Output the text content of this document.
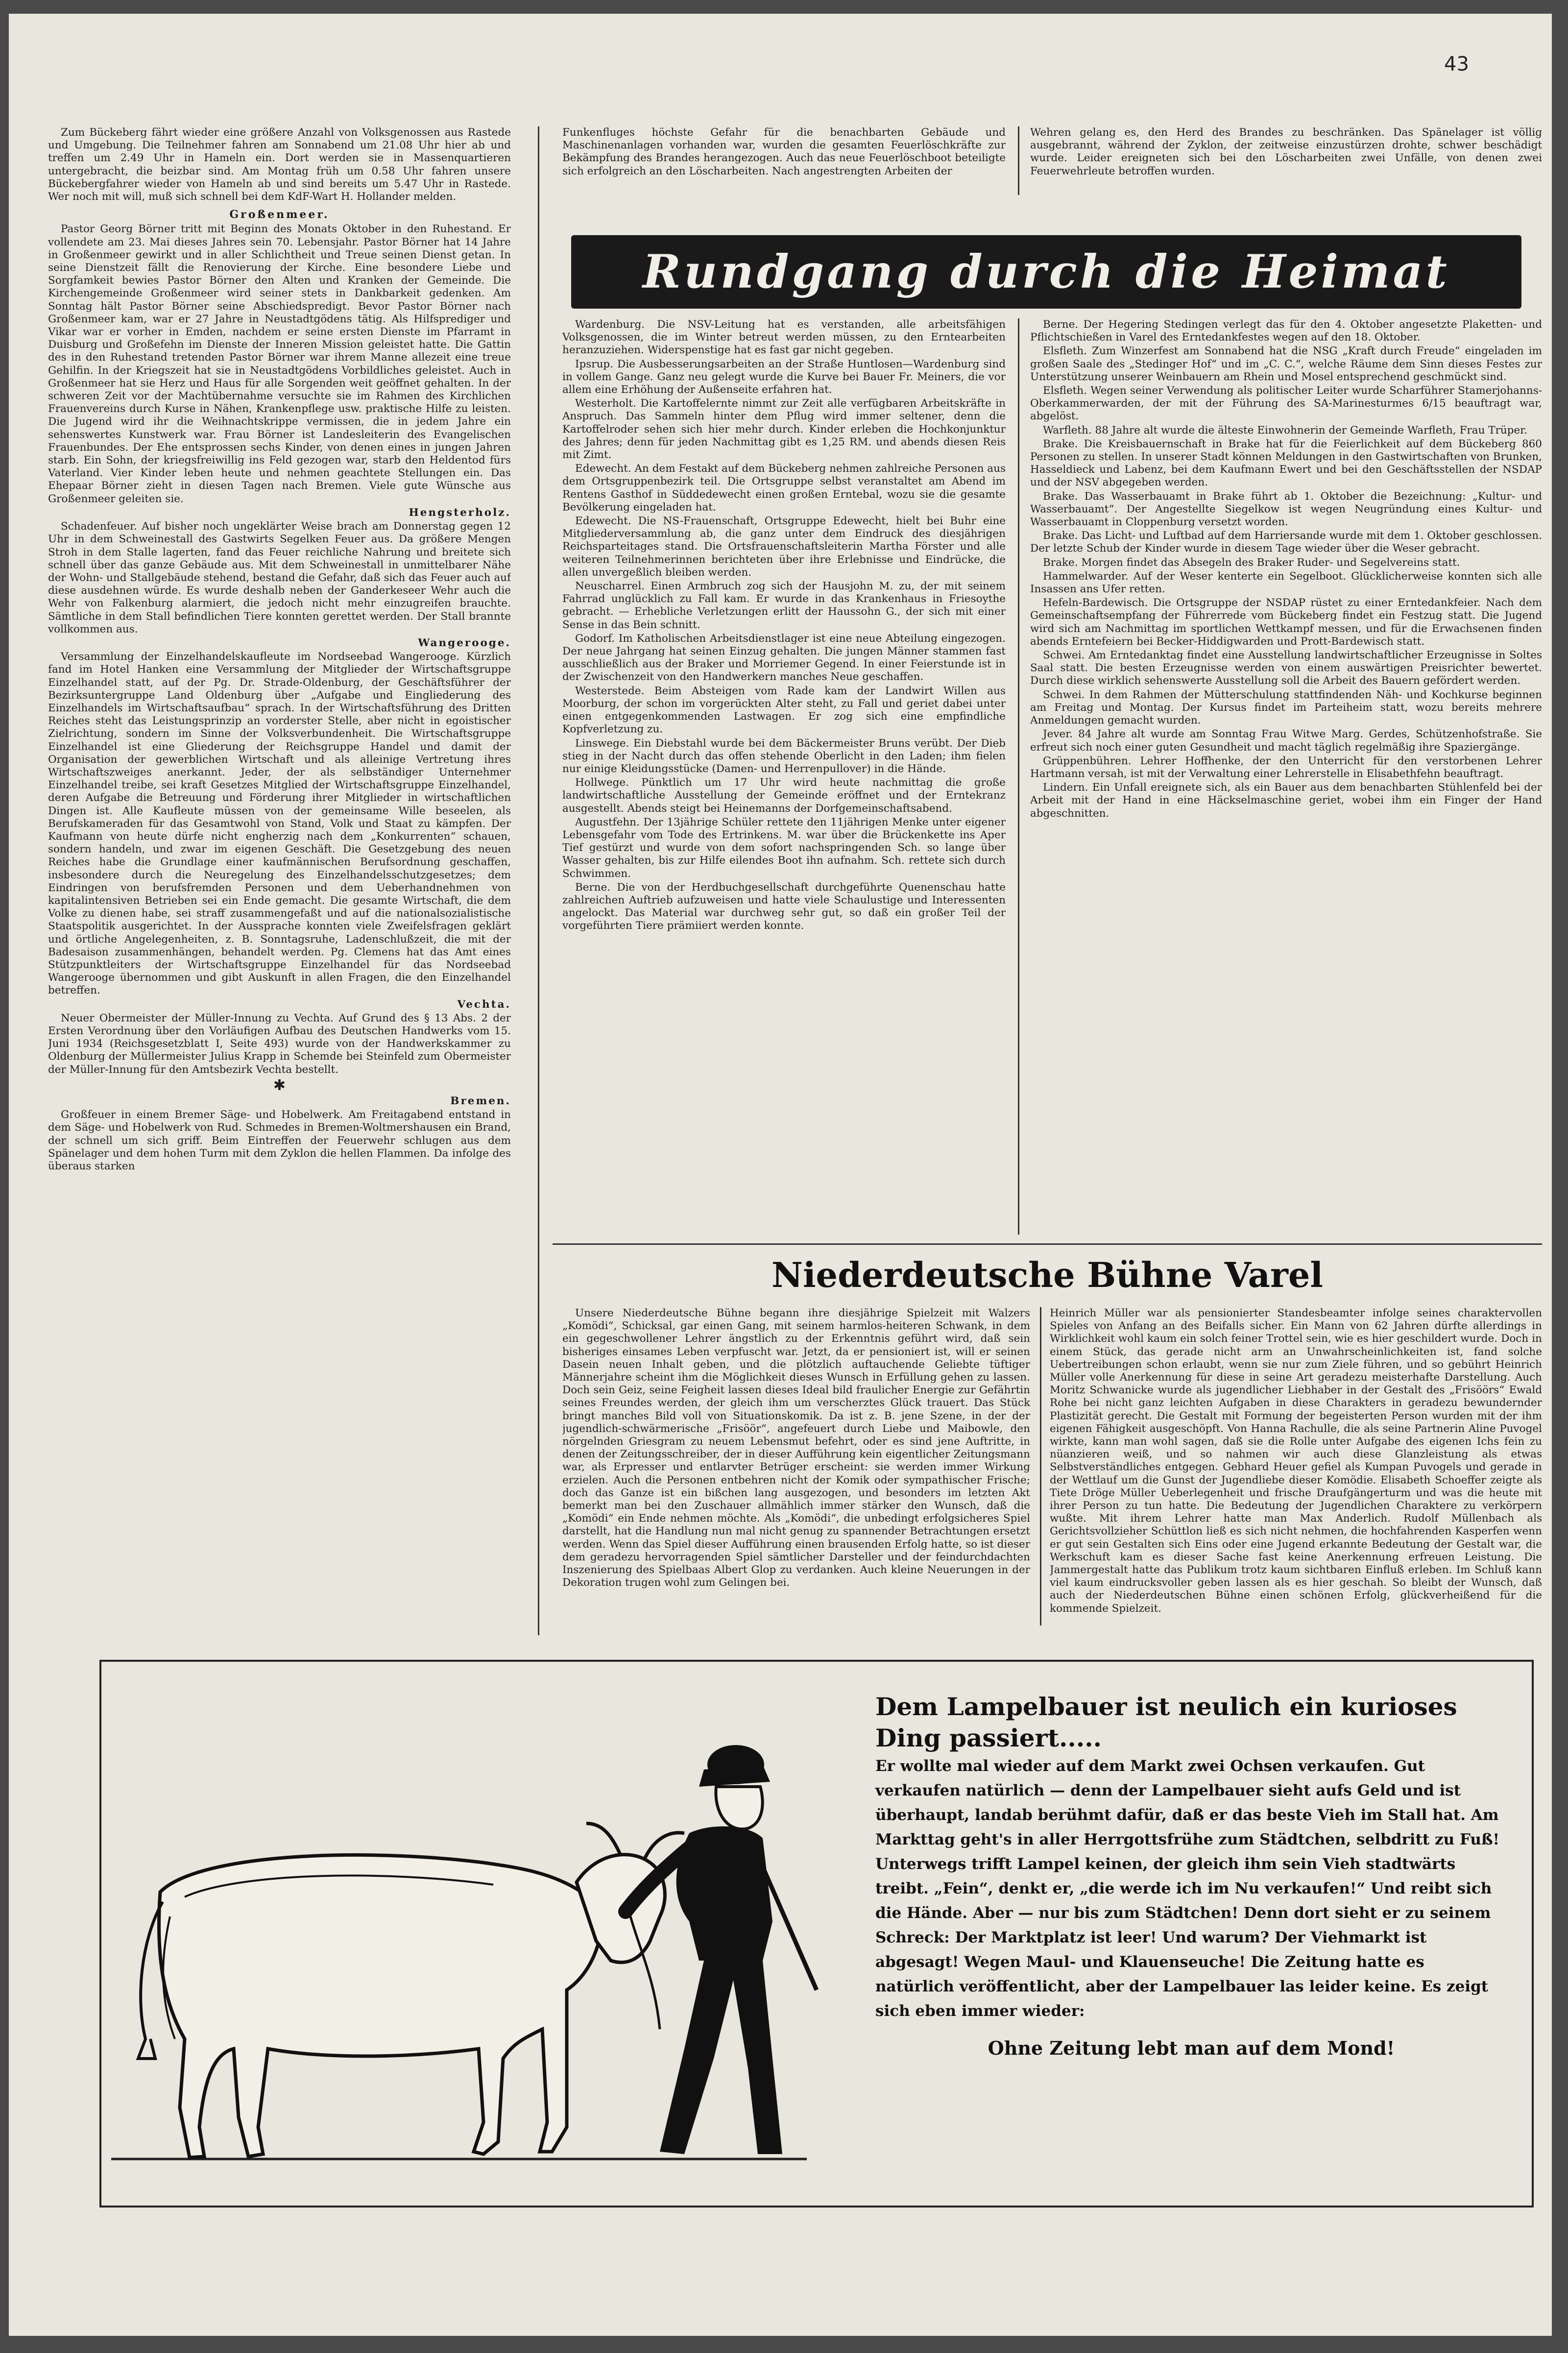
43

Zum Bückeberg fährt wieder eine größere Anzahl von Volksgenossen aus Rastede und Umgebung. Die Teilnehmer fahren am Sonnabend um 21.08 Uhr hier ab und treffen um 2.49 Uhr in Hameln ein. Dort werden sie in Massenquartieren untergebracht, die beizbar sind. Am Montag früh um 0.58 Uhr fahren unsere Bückebergfahrer wieder von Hameln ab und sind bereits um 5.47 Uhr in Rastede. Wer noch mit will, muß sich schnell bei dem KdF-Wart H. Hollander melden.

Großenmeer.

Pastor Georg Börner tritt mit Beginn des Monats Oktober in den Ruhestand. Er vollendete am 23. Mai dieses Jahres sein 70. Lebensjahr. Pastor Börner hat 14 Jahre in Großenmeer gewirkt und in aller Schlichtheit und Treue seinen Dienst getan. In seine Dienstzeit fällt die Renovierung der Kirche. Eine besondere Liebe und Sorgfamkeit bewies Pastor Börner den Alten und Kranken der Gemeinde. Die Kirchengemeinde Großenmeer wird seiner stets in Dankbarkeit gedenken. Am Sonntag hält Pastor Börner seine Abschiedspredigt. Bevor Pastor Börner nach Großenmeer kam, war er 27 Jahre in Neustadtgödens tätig. Als Hilfsprediger und Vikar war er vorher in Emden, nachdem er seine ersten Dienste im Pfarramt in Duisburg und Großefehn im Dienste der Inneren Mission geleistet hatte. Die Gattin des in den Ruhestand tretenden Pastor Börner war ihrem Manne allezeit eine treue Gehilfin. In der Kriegszeit hat sie in Neustadtgödens Vorbildliches geleistet. Auch in Großenmeer hat sie Herz und Haus für alle Sorgenden weit geöffnet gehalten. In der schweren Zeit vor der Machtübernahme versuchte sie im Rahmen des Kirchlichen Frauenvereins durch Kurse in Nähen, Krankenpflege usw. praktische Hilfe zu leisten. Die Jugend wird ihr die Weihnachtskrippe vermissen, die in jedem Jahre ein sehenswertes Kunstwerk war. Frau Börner ist Landesleiterin des Evangelischen Frauenbundes. Der Ehe entsprossen sechs Kinder, von denen eines in jungen Jahren starb. Ein Sohn, der kriegsfreiwillig ins Feld gezogen war, starb den Heldentod fürs Vaterland. Vier Kinder leben heute und nehmen geachtete Stellungen ein. Das Ehepaar Börner zieht in diesen Tagen nach Bremen. Viele gute Wünsche aus Großenmeer geleiten sie.

Hengsterholz.

Schadenfeuer. Auf bisher noch ungeklärter Weise brach am Donnerstag gegen 12 Uhr in dem Schweinestall des Gastwirts Segelken Feuer aus. Da größere Mengen Stroh in dem Stalle lagerten, fand das Feuer reichliche Nahrung und breitete sich schnell über das ganze Gebäude aus. Mit dem Schweinestall in unmittelbarer Nähe der Wohn- und Stallgebäude stehend, bestand die Gefahr, daß sich das Feuer auch auf diese ausdehnen würde. Es wurde deshalb neben der Ganderkeseer Wehr auch die Wehr von Falkenburg alarmiert, die jedoch nicht mehr einzugreifen brauchte. Sämtliche in dem Stall befindlichen Tiere konnten gerettet werden. Der Stall brannte vollkommen aus.

Wangerooge.

Versammlung der Einzelhandelskaufleute im Nordseebad Wangerooge. Kürzlich fand im Hotel Hanken eine Versammlung der Mitglieder der Wirtschaftsgruppe Einzelhandel statt, auf der Pg. Dr. Strade-Oldenburg, der Geschäftsführer der Bezirksuntergruppe Land Oldenburg über „Aufgabe und Eingliederung des Einzelhandels im Wirtschaftsaufbau“ sprach. In der Wirtschaftsführung des Dritten Reiches steht das Leistungsprinzip an vorderster Stelle, aber nicht in egoistischer Zielrichtung, sondern im Sinne der Volksverbundenheit. Die Wirtschaftsgruppe Einzelhandel ist eine Gliederung der Reichsgruppe Handel und damit der Organisation der gewerblichen Wirtschaft und als alleinige Vertretung ihres Wirtschaftszweiges anerkannt. Jeder, der als selbständiger Unternehmer Einzelhandel treibe, sei kraft Gesetzes Mitglied der Wirtschaftsgruppe Einzelhandel, deren Aufgabe die Betreuung und Förderung ihrer Mitglieder in wirtschaftlichen Dingen ist. Alle Kaufleute müssen von der gemeinsame Wille beseelen, als Berufskameraden für das Gesamtwohl von Stand, Volk und Staat zu kämpfen. Der Kaufmann von heute dürfe nicht engherzig nach dem „Konkurrenten“ schauen, sondern handeln, und zwar im eigenen Geschäft. Die Gesetzgebung des neuen Reiches habe die Grundlage einer kaufmännischen Berufsordnung geschaffen, insbesondere durch die Neuregelung des Einzelhandelsschutzgesetzes; dem Eindringen von berufsfremden Personen und dem Ueberhandnehmen von kapitalintensiven Betrieben sei ein Ende gemacht. Die gesamte Wirtschaft, die dem Volke zu dienen habe, sei straff zusammengefaßt und auf die nationalsozialistische Staatspolitik ausgerichtet. In der Aussprache konnten viele Zweifelsfragen geklärt und örtliche Angelegenheiten, z. B. Sonntagsruhe, Ladenschlußzeit, die mit der Badesaison zusammenhängen, behandelt werden. Pg. Clemens hat das Amt eines Stützpunktleiters der Wirtschaftsgruppe Einzelhandel für das Nordseebad Wangerooge übernommen und gibt Auskunft in allen Fragen, die den Einzelhandel betreffen.

Vechta.

Neuer Obermeister der Müller-Innung zu Vechta. Auf Grund des § 13 Abs. 2 der Ersten Verordnung über den Vorläufigen Aufbau des Deutschen Handwerks vom 15. Juni 1934 (Reichsgesetzblatt I, Seite 493) wurde von der Handwerkskammer zu Oldenburg der Müllermeister Julius Krapp in Schemde bei Steinfeld zum Obermeister der Müller-Innung für den Amtsbezirk Vechta bestellt.

✱

Bremen.

Großfeuer in einem Bremer Säge- und Hobelwerk. Am Freitagabend entstand in dem Säge- und Hobelwerk von Rud. Schmedes in Bremen-Woltmershausen ein Brand, der schnell um sich griff. Beim Eintreffen der Feuerwehr schlugen aus dem Spänelager und dem hohen Turm mit dem Zyklon die hellen Flammen. Da infolge des überaus starken

Funkenfluges höchste Gefahr für die benachbarten Gebäude und Maschinenanlagen vorhanden war, wurden die gesamten Feuerlöschkräfte zur Bekämpfung des Brandes herangezogen. Auch das neue Feuerlöschboot beteiligte sich erfolgreich an den Löscharbeiten. Nach angestrengten Arbeiten der

Wehren gelang es, den Herd des Brandes zu beschränken. Das Spänelager ist völlig ausgebrannt, während der Zyklon, der zeitweise einzustürzen drohte, schwer beschädigt wurde. Leider ereigneten sich bei den Löscharbeiten zwei Unfälle, von denen zwei Feuerwehrleute betroffen wurden.

Rundgang durch die Heimat

Wardenburg. Die NSV-Leitung hat es verstanden, alle arbeitsfähigen Volksgenossen, die im Winter betreut werden müssen, zu den Erntearbeiten heranzuziehen. Widerspenstige hat es fast gar nicht gegeben.

Ipsrup. Die Ausbesserungsarbeiten an der Straße Huntlosen—Wardenburg sind in vollem Gange. Ganz neu gelegt wurde die Kurve bei Bauer Fr. Meiners, die vor allem eine Erhöhung der Außenseite erfahren hat.

Westerholt. Die Kartoffelernte nimmt zur Zeit alle verfügbaren Arbeitskräfte in Anspruch. Das Sammeln hinter dem Pflug wird immer seltener, denn die Kartoffelroder sehen sich hier mehr durch. Kinder erleben die Hochkonjunktur des Jahres; denn für jeden Nachmittag gibt es 1,25 RM. und abends diesen Reis mit Zimt.

Edewecht. An dem Festakt auf dem Bückeberg nehmen zahlreiche Personen aus dem Ortsgruppenbezirk teil. Die Ortsgruppe selbst veranstaltet am Abend im Rentens Gasthof in Süddedewecht einen großen Erntebal, wozu sie die gesamte Bevölkerung eingeladen hat.

Edewecht. Die NS-Frauenschaft, Ortsgruppe Edewecht, hielt bei Buhr eine Mitgliederversammlung ab, die ganz unter dem Eindruck des diesjährigen Reichsparteitages stand. Die Ortsfrauenschaftsleiterin Martha Förster und alle weiteren Teilnehmerinnen berichteten über ihre Erlebnisse und Eindrücke, die allen unvergeßlich bleiben werden.

Neuscharrel. Einen Armbruch zog sich der Hausjohn M. zu, der mit seinem Fahrrad unglücklich zu Fall kam. Er wurde in das Krankenhaus in Friesoythe gebracht. — Erhebliche Verletzungen erlitt der Haussohn G., der sich mit einer Sense in das Bein schnitt.

Godorf. Im Katholischen Arbeitsdienstlager ist eine neue Abteilung eingezogen. Der neue Jahrgang hat seinen Einzug gehalten. Die jungen Männer stammen fast ausschließlich aus der Braker und Morriemer Gegend. In einer Feierstunde ist in der Zwischenzeit von den Handwerkern manches Neue geschaffen.

Westerstede. Beim Absteigen vom Rade kam der Landwirt Willen aus Moorburg, der schon im vorgerückten Alter steht, zu Fall und geriet dabei unter einen entgegenkommenden Lastwagen. Er zog sich eine empfindliche Kopfverletzung zu.

Linswege. Ein Diebstahl wurde bei dem Bäckermeister Bruns verübt. Der Dieb stieg in der Nacht durch das offen stehende Oberlicht in den Laden; ihm fielen nur einige Kleidungsstücke (Damen- und Herrenpullover) in die Hände.

Hollwege. Pünktlich um 17 Uhr wird heute nachmittag die große landwirtschaftliche Ausstellung der Gemeinde eröffnet und der Erntekranz ausgestellt. Abends steigt bei Heinemanns der Dorfgemeinschaftsabend.

Augustfehn. Der 13jährige Schüler rettete den 11jährigen Menke unter eigener Lebensgefahr vom Tode des Ertrinkens. M. war über die Brückenkette ins Aper Tief gestürzt und wurde von dem sofort nachspringenden Sch. so lange über Wasser gehalten, bis zur Hilfe eilendes Boot ihn aufnahm. Sch. rettete sich durch Schwimmen.

Berne. Die von der Herdbuchgesellschaft durchgeführte Quenenschau hatte zahlreichen Auftrieb aufzuweisen und hatte viele Schaulustige und Interessenten angelockt. Das Material war durchweg sehr gut, so daß ein großer Teil der vorgeführten Tiere prämiiert werden konnte.

Berne. Der Hegering Stedingen verlegt das für den 4. Oktober angesetzte Plaketten- und Pflichtschießen in Varel des Erntedankfestes wegen auf den 18. Oktober.

Elsfleth. Zum Winzerfest am Sonnabend hat die NSG „Kraft durch Freude“ eingeladen im großen Saale des „Stedinger Hof“ und im „C. C.“, welche Räume dem Sinn dieses Festes zur Unterstützung unserer Weinbauern am Rhein und Mosel entsprechend geschmückt sind.

Elsfleth. Wegen seiner Verwendung als politischer Leiter wurde Scharführer Stamerjohanns-Oberkammerwarden, der mit der Führung des SA-Marinesturmes 6/15 beauftragt war, abgelöst.

Warfleth. 88 Jahre alt wurde die älteste Einwohnerin der Gemeinde Warfleth, Frau Trüper.

Brake. Die Kreisbauernschaft in Brake hat für die Feierlichkeit auf dem Bückeberg 860 Personen zu stellen. In unserer Stadt können Meldungen in den Gastwirtschaften von Brunken, Hasseldieck und Labenz, bei dem Kaufmann Ewert und bei den Geschäftsstellen der NSDAP und der NSV abgegeben werden.

Brake. Das Wasserbauamt in Brake führt ab 1. Oktober die Bezeichnung: „Kultur- und Wasserbauamt“. Der Angestellte Siegelkow ist wegen Neugründung eines Kultur- und Wasserbauamt in Cloppenburg versetzt worden.

Brake. Das Licht- und Luftbad auf dem Harriersande wurde mit dem 1. Oktober geschlossen. Der letzte Schub der Kinder wurde in diesem Tage wieder über die Weser gebracht.

Brake. Morgen findet das Absegeln des Braker Ruder- und Segelvereins statt.

Hammelwarder. Auf der Weser kenterte ein Segelboot. Glücklicherweise konnten sich alle Insassen ans Ufer retten.

Hefeln-Bardewisch. Die Ortsgruppe der NSDAP rüstet zu einer Erntedankfeier. Nach dem Gemeinschaftsempfang der Führerrede vom Bückeberg findet ein Festzug statt. Die Jugend wird sich am Nachmittag im sportlichen Wettkampf messen, und für die Erwachsenen finden abends Erntefeiern bei Becker-Hiddigwarden und Prott-Bardewisch statt.

Schwei. Am Erntedanktag findet eine Ausstellung landwirtschaftlicher Erzeugnisse in Soltes Saal statt. Die besten Erzeugnisse werden von einem auswärtigen Preisrichter bewertet. Durch diese wirklich sehenswerte Ausstellung soll die Arbeit des Bauern gefördert werden.

Schwei. In dem Rahmen der Mütterschulung stattfindenden Näh- und Kochkurse beginnen am Freitag und Montag. Der Kursus findet im Parteiheim statt, wozu bereits mehrere Anmeldungen gemacht wurden.

Jever. 84 Jahre alt wurde am Sonntag Frau Witwe Marg. Gerdes, Schützenhofstraße. Sie erfreut sich noch einer guten Gesundheit und macht täglich regelmäßig ihre Spaziergänge.

Grüppenbühren. Lehrer Hoffhenke, der den Unterricht für den verstorbenen Lehrer Hartmann versah, ist mit der Verwaltung einer Lehrerstelle in Elisabethfehn beauftragt.

Lindern. Ein Unfall ereignete sich, als ein Bauer aus dem benachbarten Stühlenfeld bei der Arbeit mit der Hand in eine Häckselmaschine geriet, wobei ihm ein Finger der Hand abgeschnitten.

Niederdeutsche Bühne Varel

Unsere Niederdeutsche Bühne begann ihre diesjährige Spielzeit mit Walzers „Komödi“, Schicksal, gar einen Gang, mit seinem harmlos-heiteren Schwank, in dem ein gegeschwollener Lehrer ängstlich zu der Erkenntnis geführt wird, daß sein bisheriges einsames Leben verpfuscht war. Jetzt, da er pensioniert ist, will er seinen Dasein neuen Inhalt geben, und die plötzlich auftauchende Geliebte tüftiger Männerjahre scheint ihm die Möglichkeit dieses Wunsch in Erfüllung gehen zu lassen. Doch sein Geiz, seine Feigheit lassen dieses Ideal bild fraulicher Energie zur Gefährtin seines Freundes werden, der gleich ihm um verscherztes Glück trauert. Das Stück bringt manches Bild voll von Situationskomik. Da ist z. B. jene Szene, in der der jugendlich-schwärmerische „Frisöör“, angefeuert durch Liebe und Maibowle, den nörgelnden Griesgram zu neuem Lebensmut befehrt, oder es sind jene Auftritte, in denen der Zeitungsschreiber, der in dieser Aufführung kein eigentlicher Zeitungsmann war, als Erpresser und entlarvter Betrüger erscheint: sie werden immer Wirkung erzielen. Auch die Personen entbehren nicht der Komik oder sympathischer Frische; doch das Ganze ist ein bißchen lang ausgezogen, und besonders im letzten Akt bemerkt man bei den Zuschauer allmählich immer stärker den Wunsch, daß die „Komödi“ ein Ende nehmen möchte. Als „Komödi“, die unbedingt erfolgsicheres Spiel darstellt, hat die Handlung nun mal nicht genug zu spannender Betrachtungen ersetzt werden. Wenn das Spiel dieser Aufführung einen brausenden Erfolg hatte, so ist dieser dem geradezu hervorragenden Spiel sämtlicher Darsteller und der feindurchdachten Inszenierung des Spielbaas Albert Glop zu verdanken. Auch kleine Neuerungen in der Dekoration trugen wohl zum Gelingen bei.

Heinrich Müller war als pensionierter Standesbeamter infolge seines charaktervollen Spieles von Anfang an des Beifalls sicher. Ein Mann von 62 Jahren dürfte allerdings in Wirklichkeit wohl kaum ein solch feiner Trottel sein, wie es hier geschildert wurde. Doch in einem Stück, das gerade nicht arm an Unwahrscheinlichkeiten ist, fand solche Uebertreibungen schon erlaubt, wenn sie nur zum Ziele führen, und so gebührt Heinrich Müller volle Anerkennung für diese in seine Art geradezu meisterhafte Darstellung. Auch Moritz Schwanicke wurde als jugendlicher Liebhaber in der Gestalt des „Frisöörs“ Ewald Rohe bei nicht ganz leichten Aufgaben in diese Charakters in geradezu bewundernder Plastizität gerecht. Die Gestalt mit Formung der begeisterten Person wurden mit der ihm eigenen Fähigkeit ausgeschöpft. Von Hanna Rachulle, die als seine Partnerin Aline Puvogel wirkte, kann man wohl sagen, daß sie die Rolle unter Aufgabe des eigenen Ichs fein zu nüanzieren weiß, und so nahmen wir auch diese Glanzleistung als etwas Selbstverständliches entgegen. Gebhard Heuer gefiel als Kumpan Puvogels und gerade in der Wettlauf um die Gunst der Jugendliebe dieser Komödie. Elisabeth Schoeffer zeigte als Tiete Dröge Müller Ueberlegenheit und frische Draufgängerturm und was die heute mit ihrer Person zu tun hatte. Die Bedeutung der Jugendlichen Charaktere zu verkörpern wußte. Mit ihrem Lehrer hatte man Max Anderlich. Rudolf Müllenbach als Gerichtsvollzieher Schüttlon ließ es sich nicht nehmen, die hochfahrenden Kasperfen wenn er gut sein Gestalten sich Eins oder eine Jugend erkannte Bedeutung der Gestalt war, die Werkschuft kam es dieser Sache fast keine Anerkennung erfreuen Leistung. Die Jammergestalt hatte das Publikum trotz kaum sichtbaren Einfluß erleben. Im Schluß kann viel kaum eindrucksvoller geben lassen als es hier geschah. So bleibt der Wunsch, daß auch der Niederdeutschen Bühne einen schönen Erfolg, glückverheißend für die kommende Spielzeit.

Dem Lampelbauer ist neulich ein kurioses Ding passiert.....
Er wollte mal wieder auf dem Markt zwei Ochsen verkaufen. Gut verkaufen natürlich — denn der Lampelbauer sieht aufs Geld und ist überhaupt, landab berühmt dafür, daß er das beste Vieh im Stall hat. Am Markttag geht's in aller Herrgottsfrühe zum Städtchen, selbdritt zu Fuß! Unterwegs trifft Lampel keinen, der gleich ihm sein Vieh stadtwärts treibt. „Fein“, denkt er, „die werde ich im Nu verkaufen!“ Und reibt sich die Hände. Aber — nur bis zum Städtchen! Denn dort sieht er zu seinem Schreck: Der Marktplatz ist leer! Und warum? Der Viehmarkt ist abgesagt! Wegen Maul- und Klauenseuche! Die Zeitung hatte es natürlich veröffentlicht, aber der Lampelbauer las leider keine. Es zeigt sich eben immer wieder:
Ohne Zeitung lebt man auf dem Mond!
